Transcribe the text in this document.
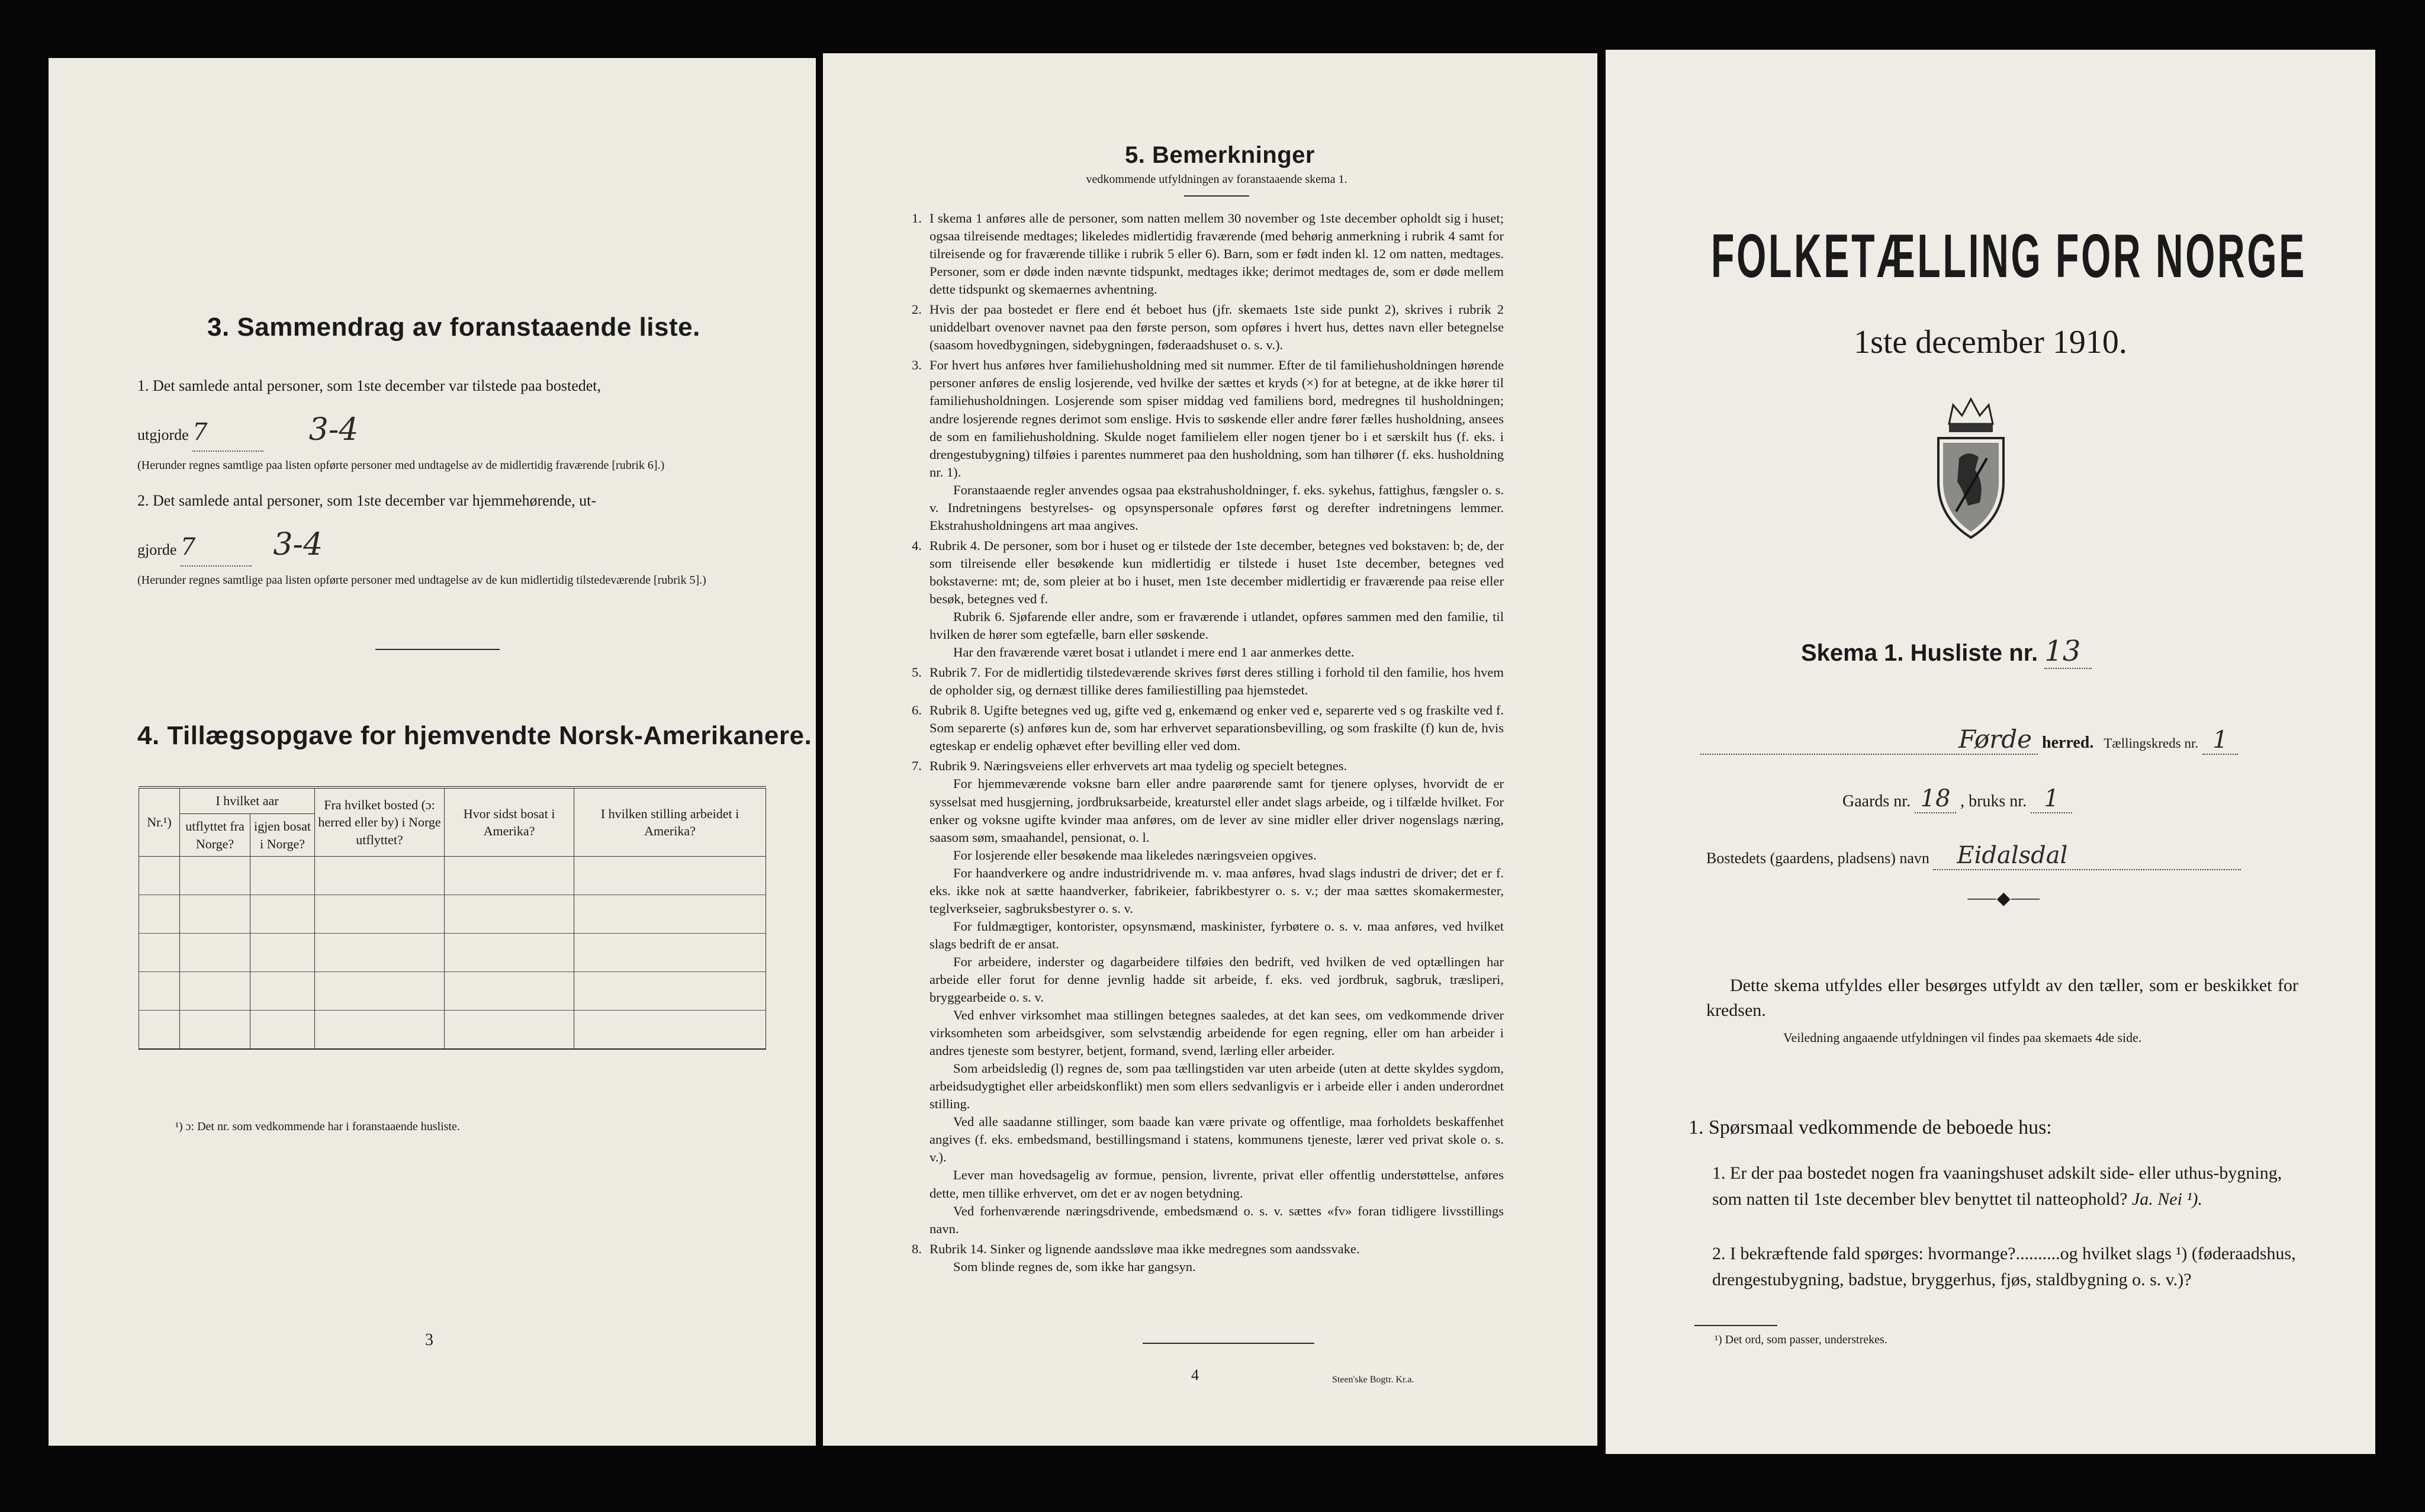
3. Sammendrag av foranstaaende liste.
1. Det samlede antal personer, som 1ste december var tilstede paa bostedet,
utgjorde 7	3-4
(Herunder regnes samtlige paa listen opførte personer med undtagelse av de midlertidig fraværende [rubrik 6].)
2. Det samlede antal personer, som 1ste december var hjemmehørende, ut-
gjorde 7	3-4
(Herunder regnes samtlige paa listen opførte personer med undtagelse av de kun midlertidig tilstedeværende [rubrik 5].)
4. Tillægsopgave for hjemvendte Norsk-Amerikanere.
Nr.¹)	I hvilket aar		Fra hvilket bosted (ɔ: herred eller by) i Norge utflyttet?	Hvor sidst bosat i Amerika?	I hvilken stilling arbeidet i Amerika?
	utflyttet fra Norge?	igjen bosat i Norge?			

¹) ɔ: Det nr. som vedkommende har i foranstaaende husliste.
3
5. Bemerkninger
vedkommende utfyldningen av foranstaaende skema 1.
1. I skema 1 anføres alle de personer, som natten mellem 30 november og 1ste december opholdt sig i huset; ogsaa tilreisende medtages; likeledes midlertidig fraværende (med behørig anmerkning i rubrik 4 samt for tilreisende og for fraværende tillike i rubrik 5 eller 6). Barn, som er født inden kl. 12 om natten, medtages. Personer, som er døde inden nævnte tidspunkt, medtages ikke; derimot medtages de, som er døde mellem dette tidspunkt og skemaernes avhentning.

2. Hvis der paa bostedet er flere end ét beboet hus (jfr. skemaets 1ste side punkt 2), skrives i rubrik 2 uniddelbart ovenover navnet paa den første person, som opføres i hvert hus, dettes navn eller betegnelse (saasom hovedbygningen, sidebygningen, føderaadshuset o. s. v.).

3. For hvert hus anføres hver familiehusholdning med sit nummer. Efter de til familiehusholdningen hørende personer anføres de enslig losjerende, ved hvilke der sættes et kryds (×) for at betegne, at de ikke hører til familiehusholdningen. Losjerende som spiser middag ved familiens bord, medregnes til husholdningen; andre losjerende regnes derimot som enslige. Hvis to søskende eller andre fører fælles husholdning, ansees de som en familiehusholdning. Skulde noget familielem eller nogen tjener bo i et særskilt hus (f. eks. i drengestubygning) tilføies i parentes nummeret paa den husholdning, som han tilhører (f. eks. husholdning nr. 1).

Foranstaaende regler anvendes ogsaa paa ekstrahusholdninger, f. eks. sykehus, fattighus, fængsler o. s. v. Indretningens bestyrelses- og opsynspersonale opføres først og derefter indretningens lemmer. Ekstrahusholdningens art maa angives.

4. Rubrik 4. De personer, som bor i huset og er tilstede der 1ste december, betegnes ved bokstaven: b; de, der som tilreisende eller besøkende kun midlertidig er tilstede i huset 1ste december, betegnes ved bokstaverne: mt; de, som pleier at bo i huset, men 1ste december midlertidig er fraværende paa reise eller besøk, betegnes ved f.

Rubrik 6. Sjøfarende eller andre, som er fraværende i utlandet, opføres sammen med den familie, til hvilken de hører som egtefælle, barn eller søskende.

Har den fraværende været bosat i utlandet i mere end 1 aar anmerkes dette.

5. Rubrik 7. For de midlertidig tilstedeværende skrives først deres stilling i forhold til den familie, hos hvem de opholder sig, og dernæst tillike deres familiestilling paa hjemstedet.

6. Rubrik 8. Ugifte betegnes ved ug, gifte ved g, enkemænd og enker ved e, separerte ved s og fraskilte ved f. Som separerte (s) anføres kun de, som har erhvervet separationsbevilling, og som fraskilte (f) kun de, hvis egteskap er endelig ophævet efter bevilling eller ved dom.

7. Rubrik 9. Næringsveiens eller erhvervets art maa tydelig og specielt betegnes.

For hjemmeværende voksne barn eller andre paarørende samt for tjenere oplyses, hvorvidt de er sysselsat med husgjerning, jordbruksarbeide, kreaturstel eller andet slags arbeide, og i tilfælde hvilket. For enker og voksne ugifte kvinder maa anføres, om de lever av sine midler eller driver nogenslags næring, saasom søm, smaahandel, pensionat, o. l.

For losjerende eller besøkende maa likeledes næringsveien opgives.

For haandverkere og andre industridrivende m. v. maa anføres, hvad slags industri de driver; det er f. eks. ikke nok at sætte haandverker, fabrikeier, fabrikbestyrer o. s. v.; der maa sættes skomakermester, teglverkseier, sagbruksbestyrer o. s. v.

For fuldmægtiger, kontorister, opsynsmænd, maskinister, fyrbøtere o. s. v. maa anføres, ved hvilket slags bedrift de er ansat.

For arbeidere, inderster og dagarbeidere tilføies den bedrift, ved hvilken de ved optællingen har arbeide eller forut for denne jevnlig hadde sit arbeide, f. eks. ved jordbruk, sagbruk, træsliperi, bryggearbeide o. s. v.

Ved enhver virksomhet maa stillingen betegnes saaledes, at det kan sees, om vedkommende driver virksomheten som arbeidsgiver, som selvstændig arbeidende for egen regning, eller om han arbeider i andres tjeneste som bestyrer, betjent, formand, svend, lærling eller arbeider.

Som arbeidsledig (l) regnes de, som paa tællingstiden var uten arbeide (uten at dette skyldes sygdom, arbeidsudygtighet eller arbeidskonflikt) men som ellers sedvanligvis er i arbeide eller i anden underordnet stilling.

Ved alle saadanne stillinger, som baade kan være private og offentlige, maa forholdets beskaffenhet angives (f. eks. embedsmand, bestillingsmand i statens, kommunens tjeneste, lærer ved privat skole o. s. v.).

Lever man hovedsagelig av formue, pension, livrente, privat eller offentlig understøttelse, anføres dette, men tillike erhvervet, om det er av nogen betydning.

Ved forhenværende næringsdrivende, embedsmænd o. s. v. sættes «fv» foran tidligere livsstillings navn.

8. Rubrik 14. Sinker og lignende aandssløve maa ikke medregnes som aandssvake.

Som blinde regnes de, som ikke har gangsyn.

4	Steen'ske Bogtr. Kr.a.
FOLKETÆLLING FOR NORGE
1ste december 1910.
Skema 1. Husliste nr. 13
Førde herred. Tællingskreds nr. 1
Gaards nr. 18 , bruks nr. 1
Bostedets (gaardens, pladsens) navn Eidalsdal
⸺◆⸺
Dette skema utfyldes eller besørges utfyldt av den tæller, som er beskikket for kredsen.
Veiledning angaaende utfyldningen vil findes paa skemaets 4de side.
1. Spørsmaal vedkommende de beboede hus:
1. Er der paa bostedet nogen fra vaaningshuset adskilt side- eller uthus-bygning, som natten til 1ste december blev benyttet til natteophold? Ja. Nei ¹).
2. I bekræftende fald spørges: hvormange?..........og hvilket slags ¹) (føderaadshus, drengestubygning, badstue, bryggerhus, fjøs, staldbygning o. s. v.)?
¹) Det ord, som passer, understrekes.
